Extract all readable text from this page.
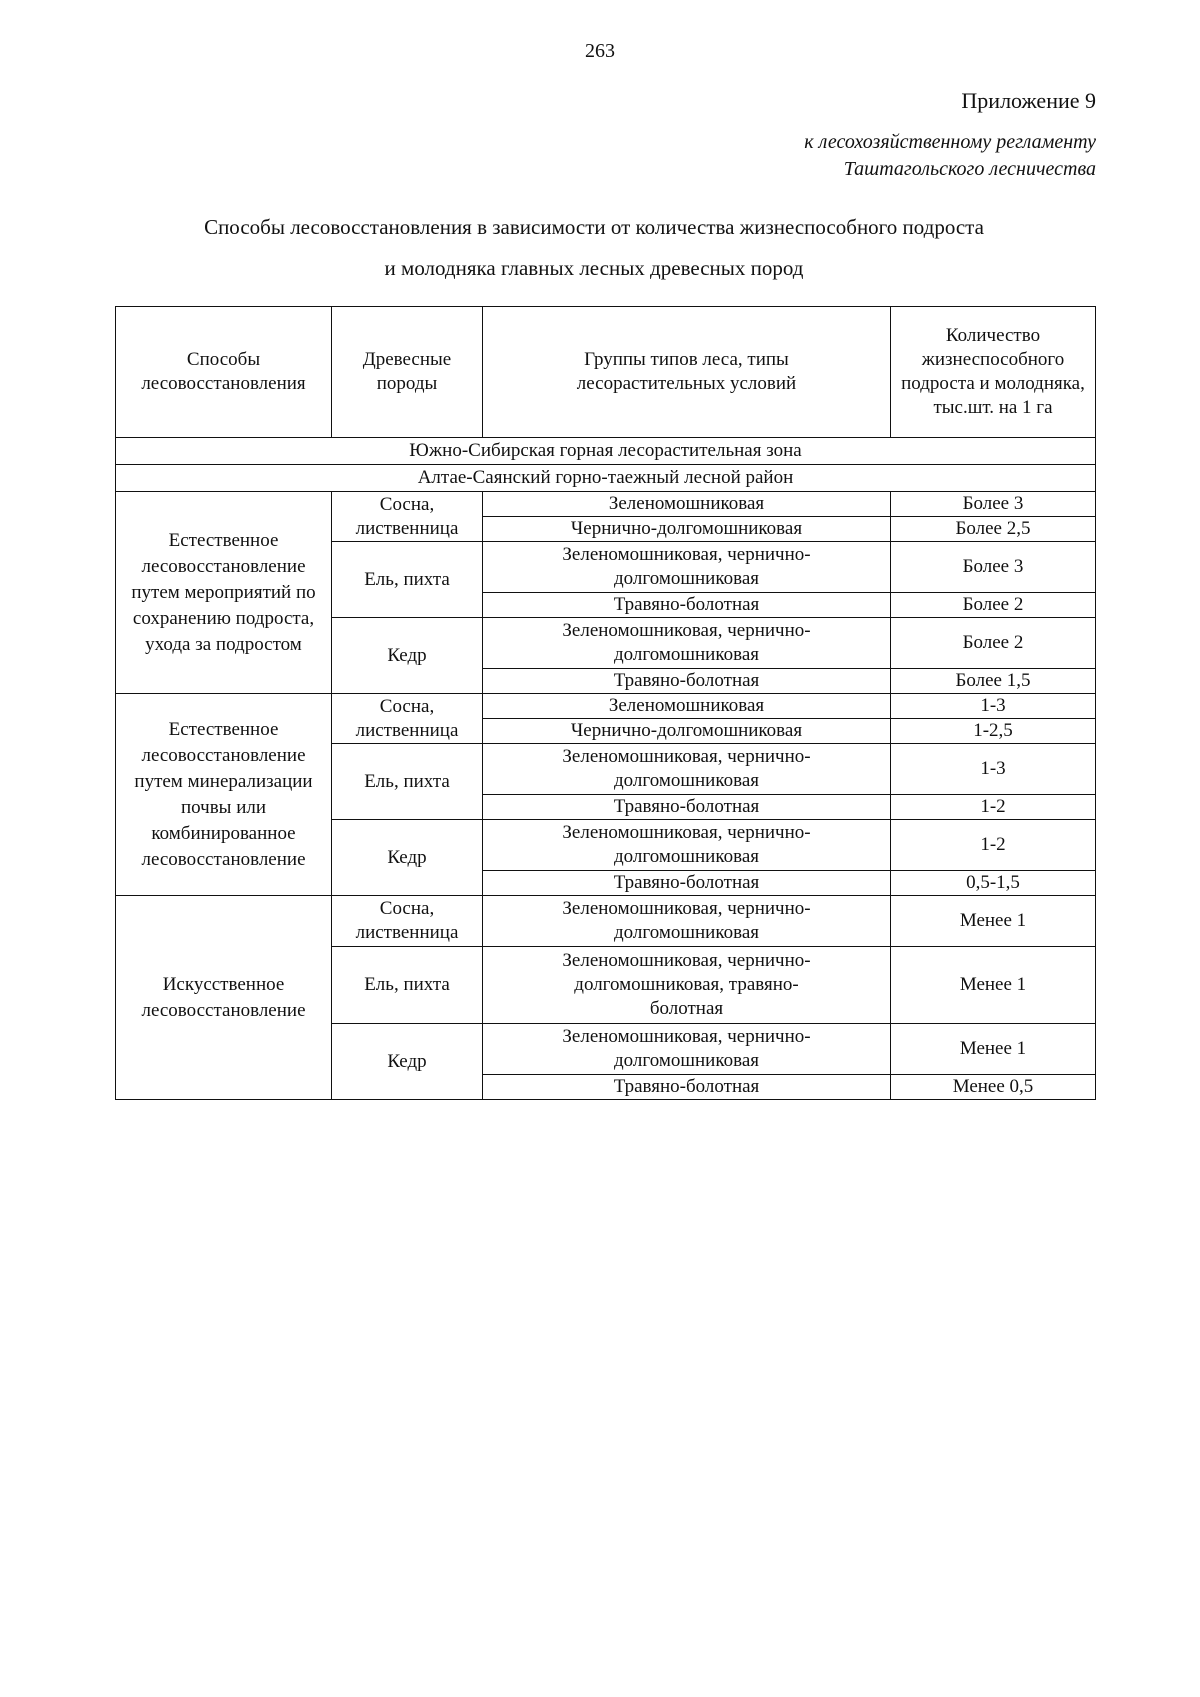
263
Приложение 9
к лесохозяйственному регламенту
Таштагольского лесничества
Способы лесовосстановления в зависимости от количества жизнеспособного подроста
и молодняка главных лесных древесных пород
Способы лесовосстановления	Древесные породы	Группы типов леса, типы лесорастительных условий	Количество жизнеспособного подроста и молодняка, тыс.шт. на 1 га
Южно-Сибирская горная лесорастительная зона			
Алтае-Саянский горно-таежный лесной район			
Естественное лесовосстановление путем мероприятий по сохранению подроста, ухода за подростом	Сосна, лиственница	Зеленомошниковая	Более 3
		Чернично-долгомошниковая	Более 2,5
	Ель, пихта	Зеленомошниковая, чернично-долгомошниковая	Более 3
		Травяно-болотная	Более 2
	Кедр	Зеленомошниковая, чернично-долгомошниковая	Более 2
		Травяно-болотная	Более 1,5
Естественное лесовосстановление путем минерализации почвы или комбинированное лесовосстановление	Сосна, лиственница	Зеленомошниковая	1-3
		Чернично-долгомошниковая	1-2,5
	Ель, пихта	Зеленомошниковая, чернично-долгомошниковая	1-3
		Травяно-болотная	1-2
	Кедр	Зеленомошниковая, чернично-долгомошниковая	1-2
		Травяно-болотная	0,5-1,5
Искусственное лесовосстановление	Сосна, лиственница	Зеленомошниковая, чернично-долгомошниковая	Менее 1
	Ель, пихта	Зеленомошниковая, чернично-долгомошниковая, травяно-болотная	Менее 1
	Кедр	Зеленомошниковая, чернично-долгомошниковая	Менее 1
		Травяно-болотная	Менее 0,5
